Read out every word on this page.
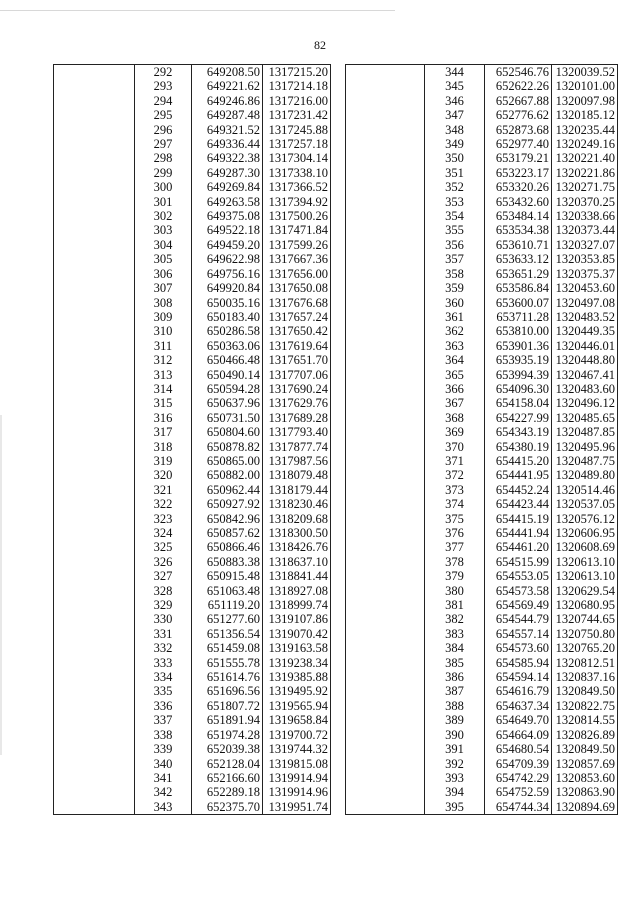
82
	292	649208.50	1317215.20
	293	649221.62	1317214.18
	294	649246.86	1317216.00
	295	649287.48	1317231.42
	296	649321.52	1317245.88
	297	649336.44	1317257.18
	298	649322.38	1317304.14
	299	649287.30	1317338.10
	300	649269.84	1317366.52
	301	649263.58	1317394.92
	302	649375.08	1317500.26
	303	649522.18	1317471.84
	304	649459.20	1317599.26
	305	649622.98	1317667.36
	306	649756.16	1317656.00
	307	649920.84	1317650.08
	308	650035.16	1317676.68
	309	650183.40	1317657.24
	310	650286.58	1317650.42
	311	650363.06	1317619.64
	312	650466.48	1317651.70
	313	650490.14	1317707.06
	314	650594.28	1317690.24
	315	650637.96	1317629.76
	316	650731.50	1317689.28
	317	650804.60	1317793.40
	318	650878.82	1317877.74
	319	650865.00	1317987.56
	320	650882.00	1318079.48
	321	650962.44	1318179.44
	322	650927.92	1318230.46
	323	650842.96	1318209.68
	324	650857.62	1318300.50
	325	650866.46	1318426.76
	326	650883.38	1318637.10
	327	650915.48	1318841.44
	328	651063.48	1318927.08
	329	651119.20	1318999.74
	330	651277.60	1319107.86
	331	651356.54	1319070.42
	332	651459.08	1319163.58
	333	651555.78	1319238.34
	334	651614.76	1319385.88
	335	651696.56	1319495.92
	336	651807.72	1319565.94
	337	651891.94	1319658.84
	338	651974.28	1319700.72
	339	652039.38	1319744.32
	340	652128.04	1319815.08
	341	652166.60	1319914.94
	342	652289.18	1319914.96
	343	652375.70	1319951.74
	344	652546.76	1320039.52
	345	652622.26	1320101.00
	346	652667.88	1320097.98
	347	652776.62	1320185.12
	348	652873.68	1320235.44
	349	652977.40	1320249.16
	350	653179.21	1320221.40
	351	653223.17	1320221.86
	352	653320.26	1320271.75
	353	653432.60	1320370.25
	354	653484.14	1320338.66
	355	653534.38	1320373.44
	356	653610.71	1320327.07
	357	653633.12	1320353.85
	358	653651.29	1320375.37
	359	653586.84	1320453.60
	360	653600.07	1320497.08
	361	653711.28	1320483.52
	362	653810.00	1320449.35
	363	653901.36	1320446.01
	364	653935.19	1320448.80
	365	653994.39	1320467.41
	366	654096.30	1320483.60
	367	654158.04	1320496.12
	368	654227.99	1320485.65
	369	654343.19	1320487.85
	370	654380.19	1320495.96
	371	654415.20	1320487.75
	372	654441.95	1320489.80
	373	654452.24	1320514.46
	374	654423.44	1320537.05
	375	654415.19	1320576.12
	376	654441.94	1320606.95
	377	654461.20	1320608.69
	378	654515.99	1320613.10
	379	654553.05	1320613.10
	380	654573.58	1320629.54
	381	654569.49	1320680.95
	382	654544.79	1320744.65
	383	654557.14	1320750.80
	384	654573.60	1320765.20
	385	654585.94	1320812.51
	386	654594.14	1320837.16
	387	654616.79	1320849.50
	388	654637.34	1320822.75
	389	654649.70	1320814.55
	390	654664.09	1320826.89
	391	654680.54	1320849.50
	392	654709.39	1320857.69
	393	654742.29	1320853.60
	394	654752.59	1320863.90
	395	654744.34	1320894.69
